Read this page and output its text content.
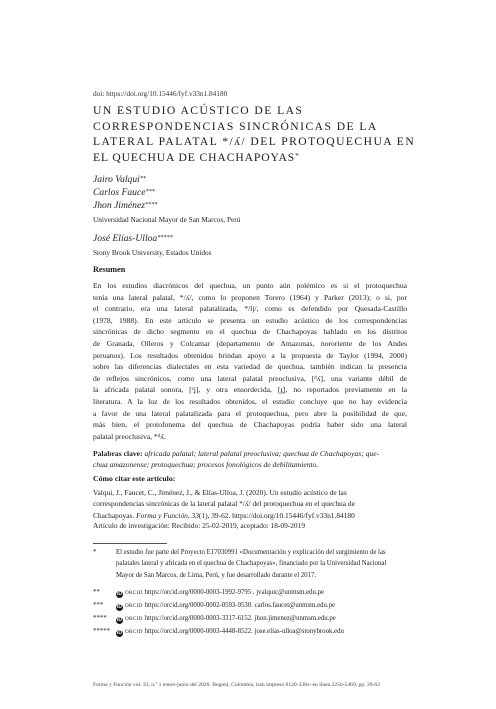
doi: https://doi.org/10.15446/fyf.v33n1.84180
UN ESTUDIO ACÚSTICO DE LAS
CORRESPONDENCIAS SINCRÓNICAS DE LA
LATERAL PALATAL */ʎ/ DEL PROTOQUECHUA EN
EL QUECHUA DE CHACHAPOYAS*
Jairo Valqui**
Carlos Fauce***
Jhon Jiménez****
Universidad Nacional Mayor de San Marcos, Perú
José Elías-Ulloa*****
Stony Brook University, Estados Unidos
Resumen
En los estudios diacrónicos del quechua, un punto aún polémico es si el protoquechua
tenía una lateral palatal, */ʎ/, como lo proponen Torero (1964) y Parker (2013); o si, por
el contrario, era una lateral palatalizada, */lj/, como es defendido por Quesada-Castillo
(1978, 1988). En este artículo se presenta un estudio acústico de los correspondencias
sincrónicas de dicho segmento en el quechua de Chachapoyas hablado en los distritos
de Granada, Olleros y Colcamar (departamento de Amazonas, nororiente de los Andes
peruanos). Los resultados obtenidos brindan apoyo a la propuesta de Taylor (1994, 2000)
sobre las diferencias dialectales en esta variedad de quechua, también indican la presencia
de reflejos sincrónicos, como una lateral palatal preoclusiva, [ᵈʎ], una variante débil de
la africada palatal sonora, [ᶻʝ], y otra ensordecida, [ɟ̥], no reportados previamente en la
literatura. A la luz de los resultados obtenidos, el estudio concluye que no hay evidencia
a favor de una lateral palatalizada para el protoquechua, pero abre la posibilidad de que,
más bien, el protofonema del quechua de Chachapoyas podría haber sido una lateral
palatal preoclusiva, *ᵈʎ.
Palabras clave: africada palatal; lateral palatal preoclusiva; quechua de Chachapoyas; que-
chua amazonense; protoquechua; procesos fonológicos de debilitamiento.
Cómo citar este artículo:
Valqui, J., Faucet, C., Jiménez, J., & Elías-Ulloa, J. (2020). Un estudio acústico de las
correspondencias sincrónicas de la lateral palatal */ʎ/ del protoquechua en el quechua de
Chachapoyas. Forma y Función, 33(1), 39-62. https://doi.org/10.15446/fyf.v33n1.84180
Artículo de investigación: Recibido: 25-02-2019, aceptado: 18-09-2019
*	El estudio fue parte del Proyecto E17030991 «Documentación y explicación del surgimiento de las
palatales lateral y africada en el quechua de Chachapoyas», financiado por la Universidad Nacional
Mayor de San Marcos, de Lima, Perú, y fue desarrollado durante el 2017.
**	iD ORCID https://orcid.org/0000-0003-1992-9795 . jvalquic@unmsm.edu.pe
***	iD ORCID https://orcid.org/0000-0002-0593-9530. carlos.faucet@unmsm.edu.pe
**** iD ORCID https://orcid.org/0000-0003-3317-6152. jhon.jimenez@unmsm.edu.pe
***** iD ORCID https://orcid.org/0000-0003-4448-8522. jose.elias-ulloa@stonybrook.edu
Forma y Función vol. 33, n.º 1 enero-junio del 2020. Bogotá, Colombia, issn impreso 0120-338x–en línea 2256-5469, pp. 39-62
